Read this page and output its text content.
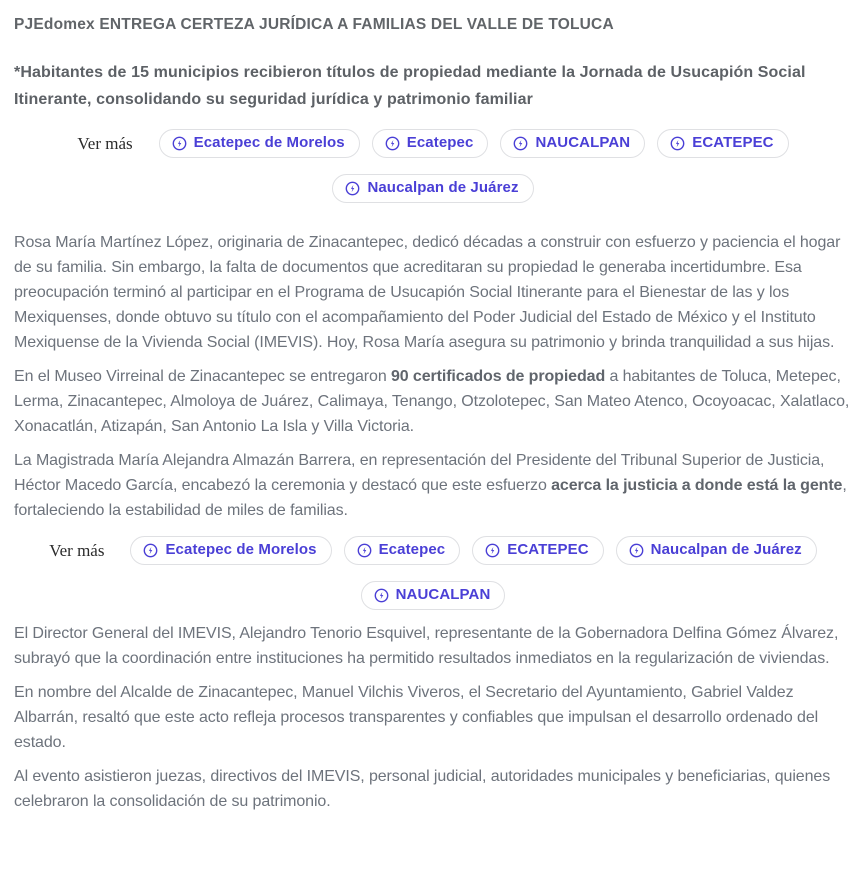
PJEdomex ENTREGA CERTEZA JURÍDICA A FAMILIAS DEL VALLE DE TOLUCA

*Habitantes de 15 municipios recibieron títulos de propiedad mediante la Jornada de Usucapión Social Itinerante, consolidando su seguridad jurídica y patrimonio familiar

Ver más	Ecatepec de Morelos	Ecatepec	NAUCALPAN	ECATEPEC
Naucalpan de Juárez

Rosa María Martínez López, originaria de Zinacantepec, dedicó décadas a construir con esfuerzo y paciencia el hogar de su familia. Sin embargo, la falta de documentos que acreditaran su propiedad le generaba incertidumbre. Esa preocupación terminó al participar en el Programa de Usucapión Social Itinerante para el Bienestar de las y los Mexiquenses, donde obtuvo su título con el acompañamiento del Poder Judicial del Estado de México y el Instituto Mexiquense de la Vivienda Social (IMEVIS). Hoy, Rosa María asegura su patrimonio y brinda tranquilidad a sus hijas.

En el Museo Virreinal de Zinacantepec se entregaron 90 certificados de propiedad a habitantes de Toluca, Metepec, Lerma, Zinacantepec, Almoloya de Juárez, Calimaya, Tenango, Otzolotepec, San Mateo Atenco, Ocoyoacac, Xalatlaco, Xonacatlán, Atizapán, San Antonio La Isla y Villa Victoria.

La Magistrada María Alejandra Almazán Barrera, en representación del Presidente del Tribunal Superior de Justicia, Héctor Macedo García, encabezó la ceremonia y destacó que este esfuerzo acerca la justicia a donde está la gente, fortaleciendo la estabilidad de miles de familias.

Ver más	Ecatepec de Morelos	Ecatepec	ECATEPEC	Naucalpan de Juárez
NAUCALPAN

El Director General del IMEVIS, Alejandro Tenorio Esquivel, representante de la Gobernadora Delfina Gómez Álvarez, subrayó que la coordinación entre instituciones ha permitido resultados inmediatos en la regularización de viviendas.

En nombre del Alcalde de Zinacantepec, Manuel Vilchis Viveros, el Secretario del Ayuntamiento, Gabriel Valdez Albarrán, resaltó que este acto refleja procesos transparentes y confiables que impulsan el desarrollo ordenado del estado.

Al evento asistieron juezas, directivos del IMEVIS, personal judicial, autoridades municipales y beneficiarias, quienes celebraron la consolidación de su patrimonio.
